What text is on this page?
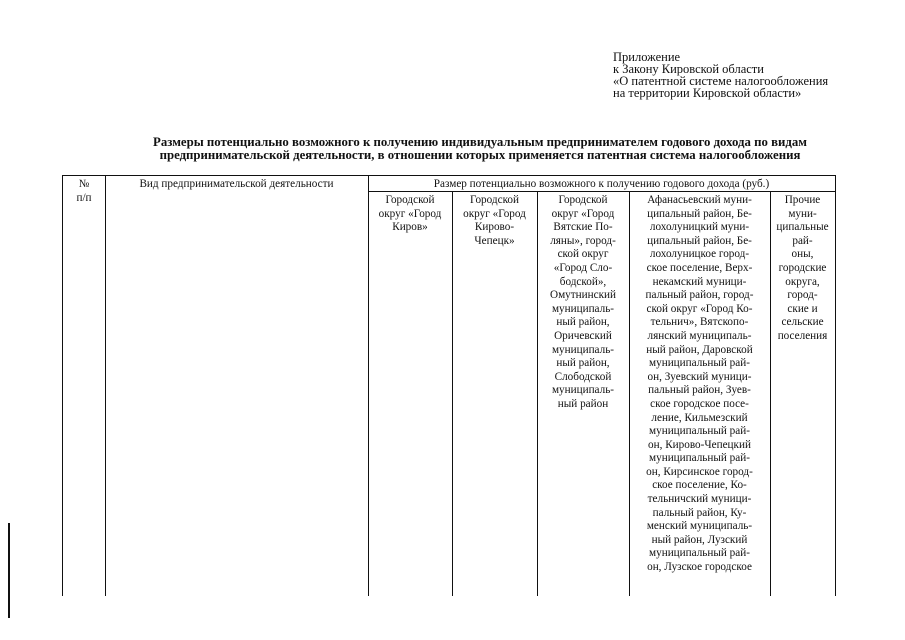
Приложение
к Закону Кировской области
«О патентной системе налогообложения
на территории Кировской области»
Размеры потенциально возможного к получению индивидуальным предпринимателем годового дохода по видам
предпринимательской деятельности, в отношении которых применяется патентная система налогообложения
№
п/п
Вид предпринимательской деятельности	Размер потенциально возможного к получению годового дохода (руб.)
Городской
округ «Город
Киров»
Городской
округ «Город
Кирово-
Чепецк»
Городской
округ «Город
Вятские По-
ляны», город-
ской округ
«Город Сло-
бодской»,
Омутнинский
муниципаль-
ный район,
Оричевский
муниципаль-
ный район,
Слободской
муниципаль-
ный район
Афанасьевский муни-
ципальный район, Бе-
лохолуницкий муни-
ципальный район, Бе-
лохолуницкое город-
ское поселение, Верх-
некамский муници-
пальный район, город-
ской округ «Город Ко-
тельнич», Вятскопо-
лянский муниципаль-
ный район, Даровской
муниципальный рай-
он, Зуевский муници-
пальный район, Зуев-
ское городское посе-
ление, Кильмезский
муниципальный рай-
он, Кирово-Чепецкий
муниципальный рай-
он, Кирсинское город-
ское поселение, Ко-
тельничский муници-
пальный район, Ку-
менский муниципаль-
ный район, Лузский
муниципальный рай-
он, Лузское городское
Прочие муни-
ципальные рай-
оны, городские
округа, город-
ские и сельские
поселения
